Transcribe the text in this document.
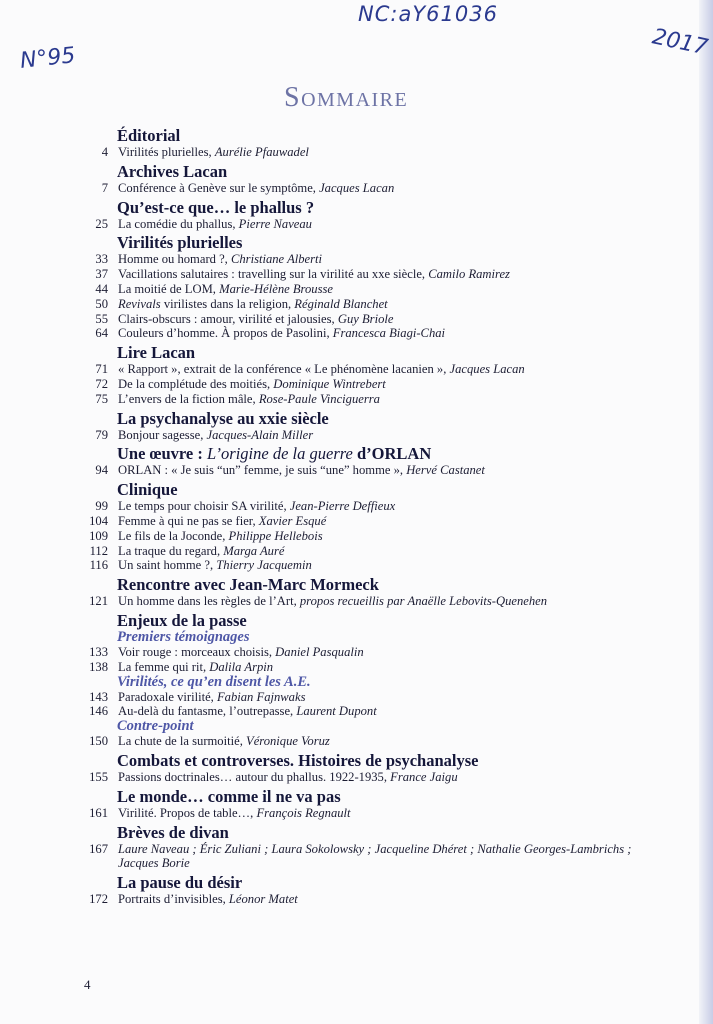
NC:aY61036
N°95	2017
Sommaire
Éditorial
4 Virilités plurielles, Aurélie Pfauwadel
Archives Lacan
7 Conférence à Genève sur le symptôme, Jacques Lacan
Qu’est-ce que… le phallus ?
25 La comédie du phallus, Pierre Naveau
Virilités plurielles
33 Homme ou homard ?, Christiane Alberti
37 Vacillations salutaires : travelling sur la virilité au xxe siècle, Camilo Ramirez
44 La moitié de LOM, Marie-Hélène Brousse
50 Revivals virilistes dans la religion, Réginald Blanchet
55 Clairs-obscurs : amour, virilité et jalousies, Guy Briole
64 Couleurs d’homme. À propos de Pasolini, Francesca Biagi-Chai
Lire Lacan
71 « Rapport », extrait de la conférence « Le phénomène lacanien », Jacques Lacan
72 De la complétude des moitiés, Dominique Wintrebert
75 L’envers de la fiction mâle, Rose-Paule Vinciguerra
La psychanalyse au xxie siècle
79 Bonjour sagesse, Jacques-Alain Miller
Une œuvre : L’origine de la guerre d’ORLAN
94 ORLAN : « Je suis “un” femme, je suis “une” homme », Hervé Castanet
Clinique
99 Le temps pour choisir SA virilité, Jean-Pierre Deffieux
104 Femme à qui ne pas se fier, Xavier Esqué
109 Le fils de la Joconde, Philippe Hellebois
112 La traque du regard, Marga Auré
116 Un saint homme ?, Thierry Jacquemin
Rencontre avec Jean-Marc Mormeck
121 Un homme dans les règles de l’Art, propos recueillis par Anaëlle Lebovits-Quenehen
Enjeux de la passe
Premiers témoignages
133 Voir rouge : morceaux choisis, Daniel Pasqualin
138 La femme qui rit, Dalila Arpin
Virilités, ce qu’en disent les A.E.
143 Paradoxale virilité, Fabian Fajnwaks
146 Au-delà du fantasme, l’outrepasse, Laurent Dupont
Contre-point
150 La chute de la surmoitié, Véronique Voruz
Combats et controverses. Histoires de psychanalyse
155 Passions doctrinales… autour du phallus. 1922-1935, France Jaigu
Le monde… comme il ne va pas
161 Virilité. Propos de table…, François Regnault
Brèves de divan
167 Laure Naveau ; Éric Zuliani ; Laura Sokolowsky ; Jacqueline Dhéret ; Nathalie Georges-Lambrichs ;
Jacques Borie
La pause du désir
172 Portraits d’invisibles, Léonor Matet
4
